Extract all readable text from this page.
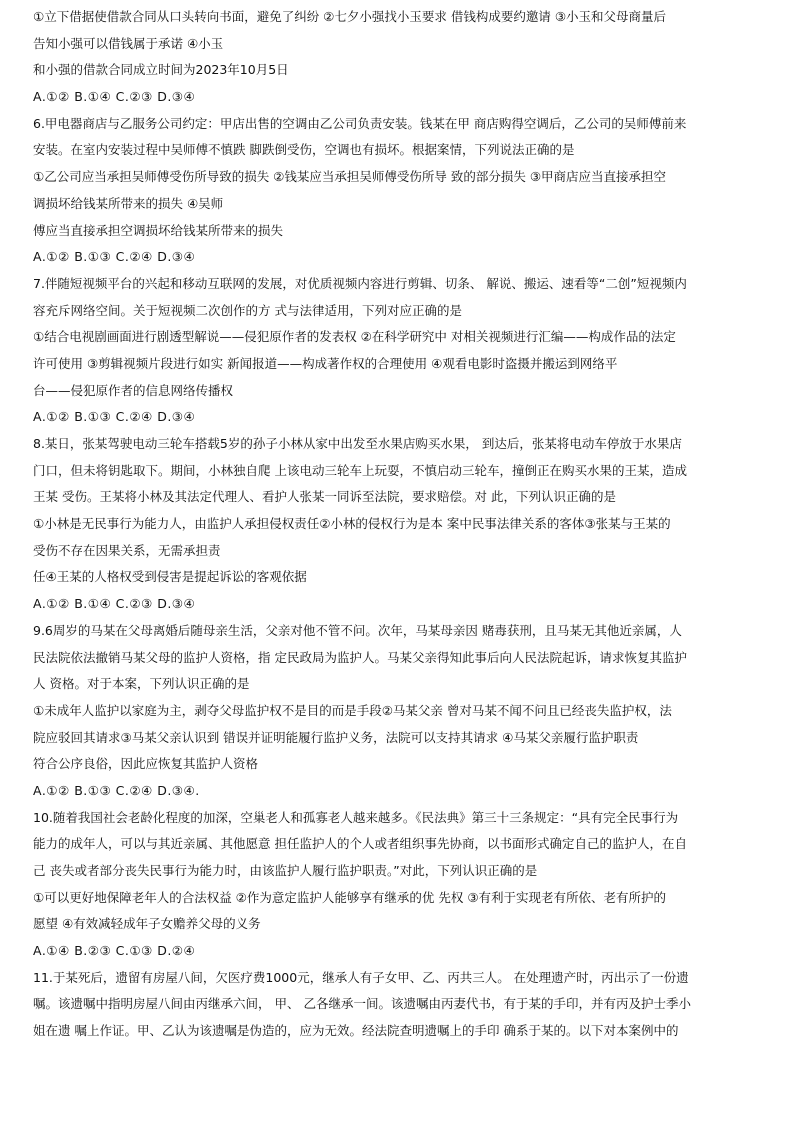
①立下借据使借款合同从口头转向书面，避免了纠纷 ②七夕小强找小玉要求 借钱构成要约邀请 ③小玉和父母商量后
告知小强可以借钱属于承诺 ④小玉
和小强的借款合同成立时间为2023年10月5日
A.①② B.①④ C.②③ D.③④
6.甲电器商店与乙服务公司约定：甲店出售的空调由乙公司负责安装。钱某在甲 商店购得空调后，乙公司的吴师傅前来
安装。在室内安装过程中吴师傅不慎跌 脚跌倒受伤，空调也有损坏。根据案情，下列说法正确的是
①乙公司应当承担吴师傅受伤所导致的损失 ②钱某应当承担吴师傅受伤所导 致的部分损失 ③甲商店应当直接承担空
调损坏给钱某所带来的损失 ④吴师
傅应当直接承担空调损坏给钱某所带来的损失
A.①② B.①③ C.②④ D.③④
7.伴随短视频平台的兴起和移动互联网的发展，对优质视频内容进行剪辑、切条、 解说、搬运、速看等“二创”短视频内
容充斥网络空间。关于短视频二次创作的方 式与法律适用，下列对应正确的是
①结合电视剧画面进行剧透型解说——侵犯原作者的发表权 ②在科学研究中 对相关视频进行汇编——构成作品的法定
许可使用 ③剪辑视频片段进行如实 新闻报道——构成著作权的合理使用 ④观看电影时盗摄并搬运到网络平
台——侵犯原作者的信息网络传播权
A.①② B.①③ C.②④ D.③④
8.某日，张某驾驶电动三轮车搭载5岁的孙子小林从家中出发至水果店购买水果， 到达后，张某将电动车停放于水果店
门口，但未将钥匙取下。期间，小林独自爬 上该电动三轮车上玩耍，不慎启动三轮车，撞倒正在购买水果的王某，造成
王某 受伤。王某将小林及其法定代理人、看护人张某一同诉至法院，要求赔偿。对 此，下列认识正确的是
①小林是无民事行为能力人，由监护人承担侵权责任②小林的侵权行为是本 案中民事法律关系的客体③张某与王某的
受伤不存在因果关系，无需承担责
任④王某的人格权受到侵害是提起诉讼的客观依据
A.①② B.①④ C.②③ D.③④
9.6周岁的马某在父母离婚后随母亲生活，父亲对他不管不问。次年，马某母亲因 赌毒获刑，且马某无其他近亲属，人
民法院依法撤销马某父母的监护人资格，指 定民政局为监护人。马某父亲得知此事后向人民法院起诉，请求恢复其监护
人 资格。对于本案，下列认识正确的是
①未成年人监护以家庭为主，剥夺父母监护权不是目的而是手段②马某父亲 曾对马某不闻不问且已经丧失监护权，法
院应驳回其请求③马某父亲认识到 错误并证明能履行监护义务，法院可以支持其请求 ④马某父亲履行监护职责
符合公序良俗，因此应恢复其监护人资格
A.①② B.①③ C.②④ D.③④.
10.随着我国社会老龄化程度的加深，空巢老人和孤寡老人越来越多。《民法典》第三十三条规定：“具有完全民事行为
能力的成年人，可以与其近亲属、其他愿意 担任监护人的个人或者组织事先协商，以书面形式确定自己的监护人，在自
己 丧失或者部分丧失民事行为能力时，由该监护人履行监护职责。”对此，下列认识正确的是
①可以更好地保障老年人的合法权益 ②作为意定监护人能够享有继承的优 先权 ③有利于实现老有所依、老有所护的
愿望 ④有效减轻成年子女赡养父母的义务
A.①④ B.②③ C.①③ D.②④
11.于某死后，遗留有房屋八间，欠医疗费1000元，继承人有子女甲、乙、丙共三人。 在处理遗产时，丙出示了一份遗
嘱。该遗嘱中指明房屋八间由丙继承六间， 甲、 乙各继承一间。该遗嘱由丙妻代书，有于某的手印，并有丙及护士季小
姐在遗 嘱上作证。甲、乙认为该遗嘱是伪造的，应为无效。经法院查明遗嘱上的手印 确系于某的。以下对本案例中的
